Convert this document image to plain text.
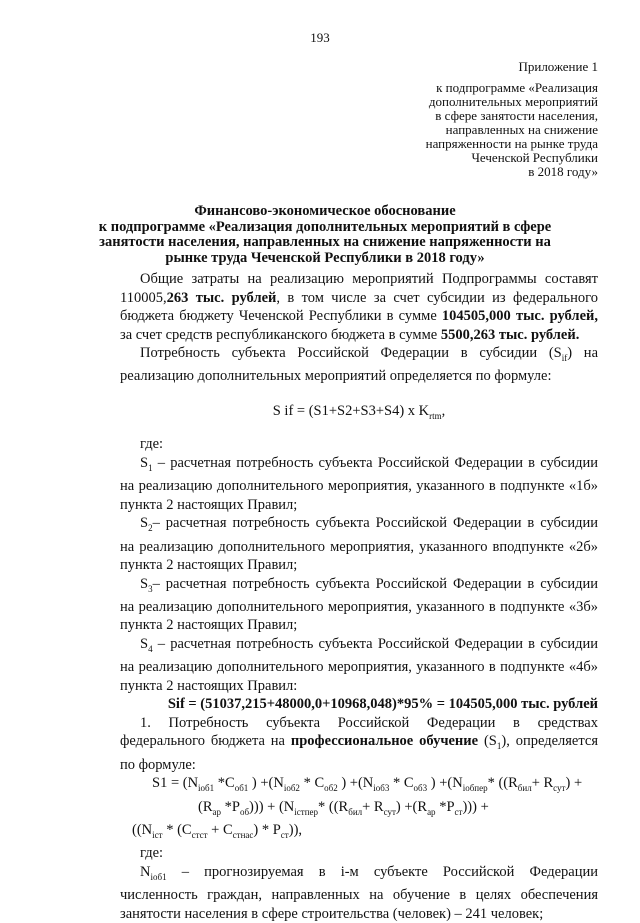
193
Приложение 1
к подпрограмме «Реализация
дополнительных мероприятий
в сфере занятости населения,
направленных на снижение
напряженности на рынке труда
Чеченской Республики
в 2018 году»
Финансово-экономическое обоснование
к подпрограмме «Реализация дополнительных мероприятий в сфере
занятости населения, направленных на снижение напряженности на
рынке труда Чеченской Республики в 2018 году»
Общие затраты на реализацию мероприятий Подпрограммы составят
110005,263 тыс. рублей, в том числе за счет субсидии из федерального
бюджета бюджету Чеченской Республики в сумме 104505,000 тыс. рублей,
за счет средств республиканского бюджета в сумме 5500,263 тыс. рублей.
Потребность субъекта Российской Федерации в субсидии $(S_{if})$ на
реализацию дополнительных мероприятий определяется по формуле:
S if = (S1+S2+S3+S4) x $K_{rtm}$,
где:
$S_1$ – расчетная потребность субъекта Российской Федерации в субсидии
на реализацию дополнительного мероприятия, указанного в подпункте «1б»
пункта 2 настоящих Правил;
$S_2-$ расчетная потребность субъекта Российской Федерации в субсидии
на реализацию дополнительного мероприятия, указанного вподпункте «2б»
пункта 2 настоящих Правил;
$S_3-$ расчетная потребность субъекта Российской Федерации в субсидии
на реализацию дополнительного мероприятия, указанного в подпункте «3б»
пункта 2 настоящих Правил;
$S_4$ – расчетная потребность субъекта Российской Федерации в субсидии
на реализацию дополнительного мероприятия, указанного в подпункте «4б»
пункта 2 настоящих Правил:
Sif = (51037,215+48000,0+10968,048)*95% = 104505,000 тыс. рублей
1. Потребность субъекта Российской Федерации в средствах
федерального бюджета на профессиональное обучение $(S_1)$, определяется
по формуле:
$S1 = (N_{iоб1}$ $*C_{об1}$ ) $+(N_{iоб2} * C_{об2}$ ) $+(N_{iоб3} * C_{об3}$ ) $+(N_{iобпер}*$ ($(R_{бил}+ R_{сут})$ +
($R_{ар}$ $*P_{об}))) + (N_{iстпер}*$ ($(R_{бил}+ R_{сут}) +(R_{ар}$ $*P_{ст}$))) +
$((N_{iст} * (C_{стст} + C_{стнас}) * P_{ст}))$,
где:
$N_{iоб1}$ – прогнозируемая в i-м субъекте Российской Федерации
численность граждан, направленных на обучение в целях обеспечения
занятости населения в сфере строительства (человек) – 241 человек;
